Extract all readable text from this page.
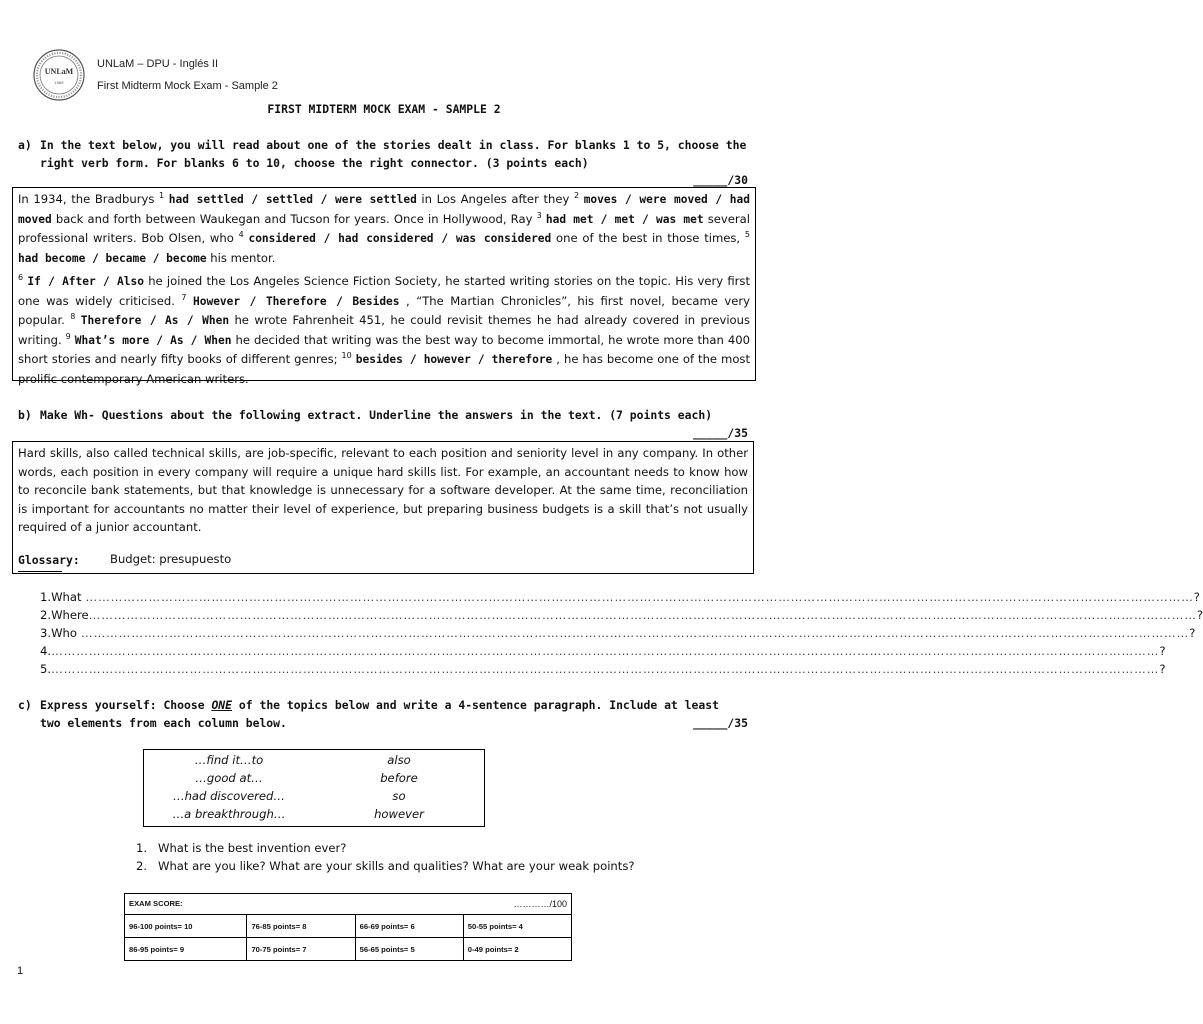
UNLaM
1989
UNLaM – DPU - Inglés II
First Midterm Mock Exam - Sample 2
FIRST MIDTERM MOCK EXAM - SAMPLE 2
a) In the text below, you will read about one of the stories dealt in class. For blanks 1 to 5, choose the
right verb form. For blanks 6 to 10, choose the right connector. (3 points each)
_____/30
In 1934, the Bradburys $^1$ had settled / settled / were settled in Los Angeles after they $^2$ moves / were moved / had moved back and forth between Waukegan and Tucson for years. Once in Hollywood, Ray $^3$ had met / met / was met several professional writers. Bob Olsen, who $^4$ considered / had considered / was considered one of the best in those times, $^5$ had become / became / become his mentor.
$^6$ If / After / Also he joined the Los Angeles Science Fiction Society, he started writing stories on the topic. His very first one was widely criticised. $^7$ However / Therefore / Besides , “The Martian Chronicles”, his first novel, became very popular. $^8$ Therefore / As / When he wrote Fahrenheit 451, he could revisit themes he had already covered in previous writing. $^9$ What’s more / As / When he decided that writing was the best way to become immortal, he wrote more than 400 short stories and nearly fifty books of different genres; $^{10}$ besides / however / therefore , he has become one of the most prolific contemporary American writers.
b) Make Wh- Questions about the following extract. Underline the answers in the text. (7 points each)
_____/35
Hard skills, also called technical skills, are job-specific, relevant to each position and seniority level in any company. In other words, each position in every company will require a unique hard skills list. For example, an accountant needs to know how to reconcile bank statements, but that knowledge is unnecessary for a software developer. At the same time, reconciliation is important for accountants no matter their level of experience, but preparing business budgets is a skill that’s not usually required of a junior accountant.
Glossary:	Budget: presupuesto
1. What ………………………………………………………………………………………………………………………………………………………………………………………………………………………………………… ?
2. Where ………………………………………………………………………………………………………………………………………………………………………………………………………………………………………… ?
3. Who ………………………………………………………………………………………………………………………………………………………………………………………………………………………………………… ?
4. ………………………………………………………………………………………………………………………………………………………………………………………………………………………………………… ?
5. ………………………………………………………………………………………………………………………………………………………………………………………………………………………………………… ?
c) Express yourself: Choose ONE of the topics below and write a 4-sentence paragraph. Include at least
two elements from each column below.	_____/35
…find it…to	also
…good at…	before
…had discovered…	so
…a breakthrough…	however
1. What is the best invention ever?
2. What are you like? What are your skills and qualities? What are your weak points?
EXAM SCORE: …………/100			

96-100 points= 10	76-85 points= 8	66-69 points= 6	50-55 points= 4
86-95 points= 9	70-75 points= 7	56-65 points= 5	0-49 points= 2
1
